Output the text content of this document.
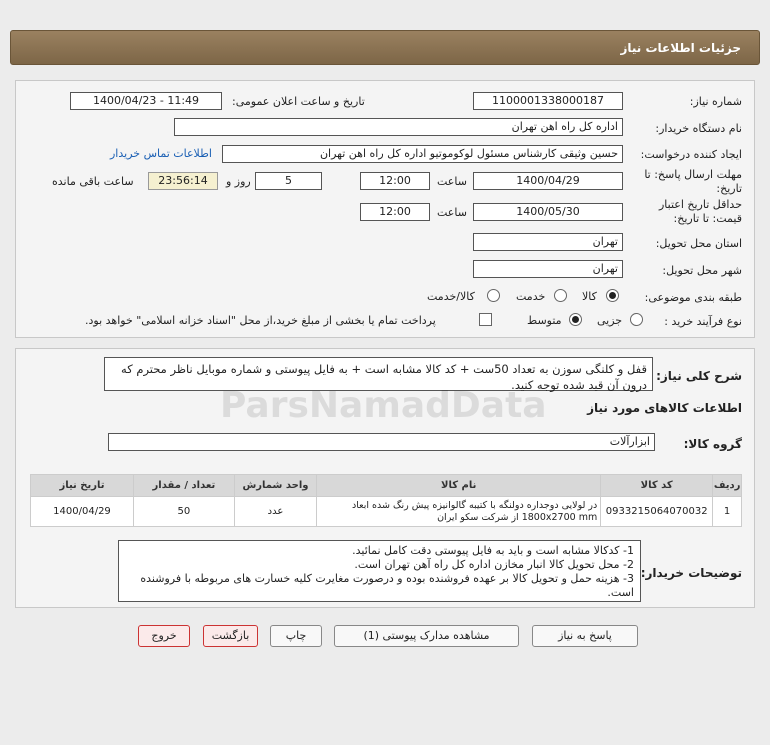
جزئیات اطلاعات نیاز
شماره نیاز:
1100001338000187
تاریخ و ساعت اعلان عمومی:
1400/04/23 - 11:49
نام دستگاه خریدار:
اداره کل راه اهن تهران
ایجاد کننده درخواست:
حسین وثیقی کارشناس مسئول لوکوموتیو اداره کل راه اهن تهران
اطلاعات تماس خریدار
مهلت ارسال پاسخ: تا تاریخ:
1400/04/29
ساعت
12:00
5
روز و
23:56:14
ساعت باقی مانده
حداقل تاریخ اعتبار قیمت: تا تاریخ:
1400/05/30
ساعت
12:00
استان محل تحویل:
تهران
شهر محل تحویل:
تهران
طبقه بندی موضوعی:
کالا
خدمت
کالا/خدمت
نوع فرآیند خرید :
جزیی
متوسط
پرداخت تمام یا بخشی از مبلغ خرید،از محل "اسناد خزانه اسلامی" خواهد بود.
شرح کلی نیاز:
قفل و کلنگی سوزن به تعداد 50ست + کد کالا مشابه است + به فایل پیوستی و شماره موبایل ناظر محترم که درون آن قید شده توجه کنید.
اطلاعات کالاهای مورد نیاز
ParsNamadData
گروه کالا:
ابزارآلات
ردیف	کد کالا	نام کالا	واحد شمارش	تعداد / مقدار	تاریخ نیاز
1	0933215064070032	در لولایی دوجداره دولنگه با کتیبه گالوانیزه پیش رنگ شده ابعاد 1800x2700 mm از شرکت سکو ایران	عدد	50	1400/04/29
توضیحات خریدار:
1- کدکالا مشابه است و باید به فایل پیوستی دقت کامل نمائید.
2- محل تحویل کالا انبار مخازن اداره کل راه آهن تهران است.
3- هزینه حمل و تحویل کالا بر عهده فروشنده بوده و درصورت مغایرت کلیه خسارت های مربوطه با فروشنده است.
پاسخ به نیاز
مشاهده مدارک پیوستی (1)
چاپ
بازگشت
خروج
